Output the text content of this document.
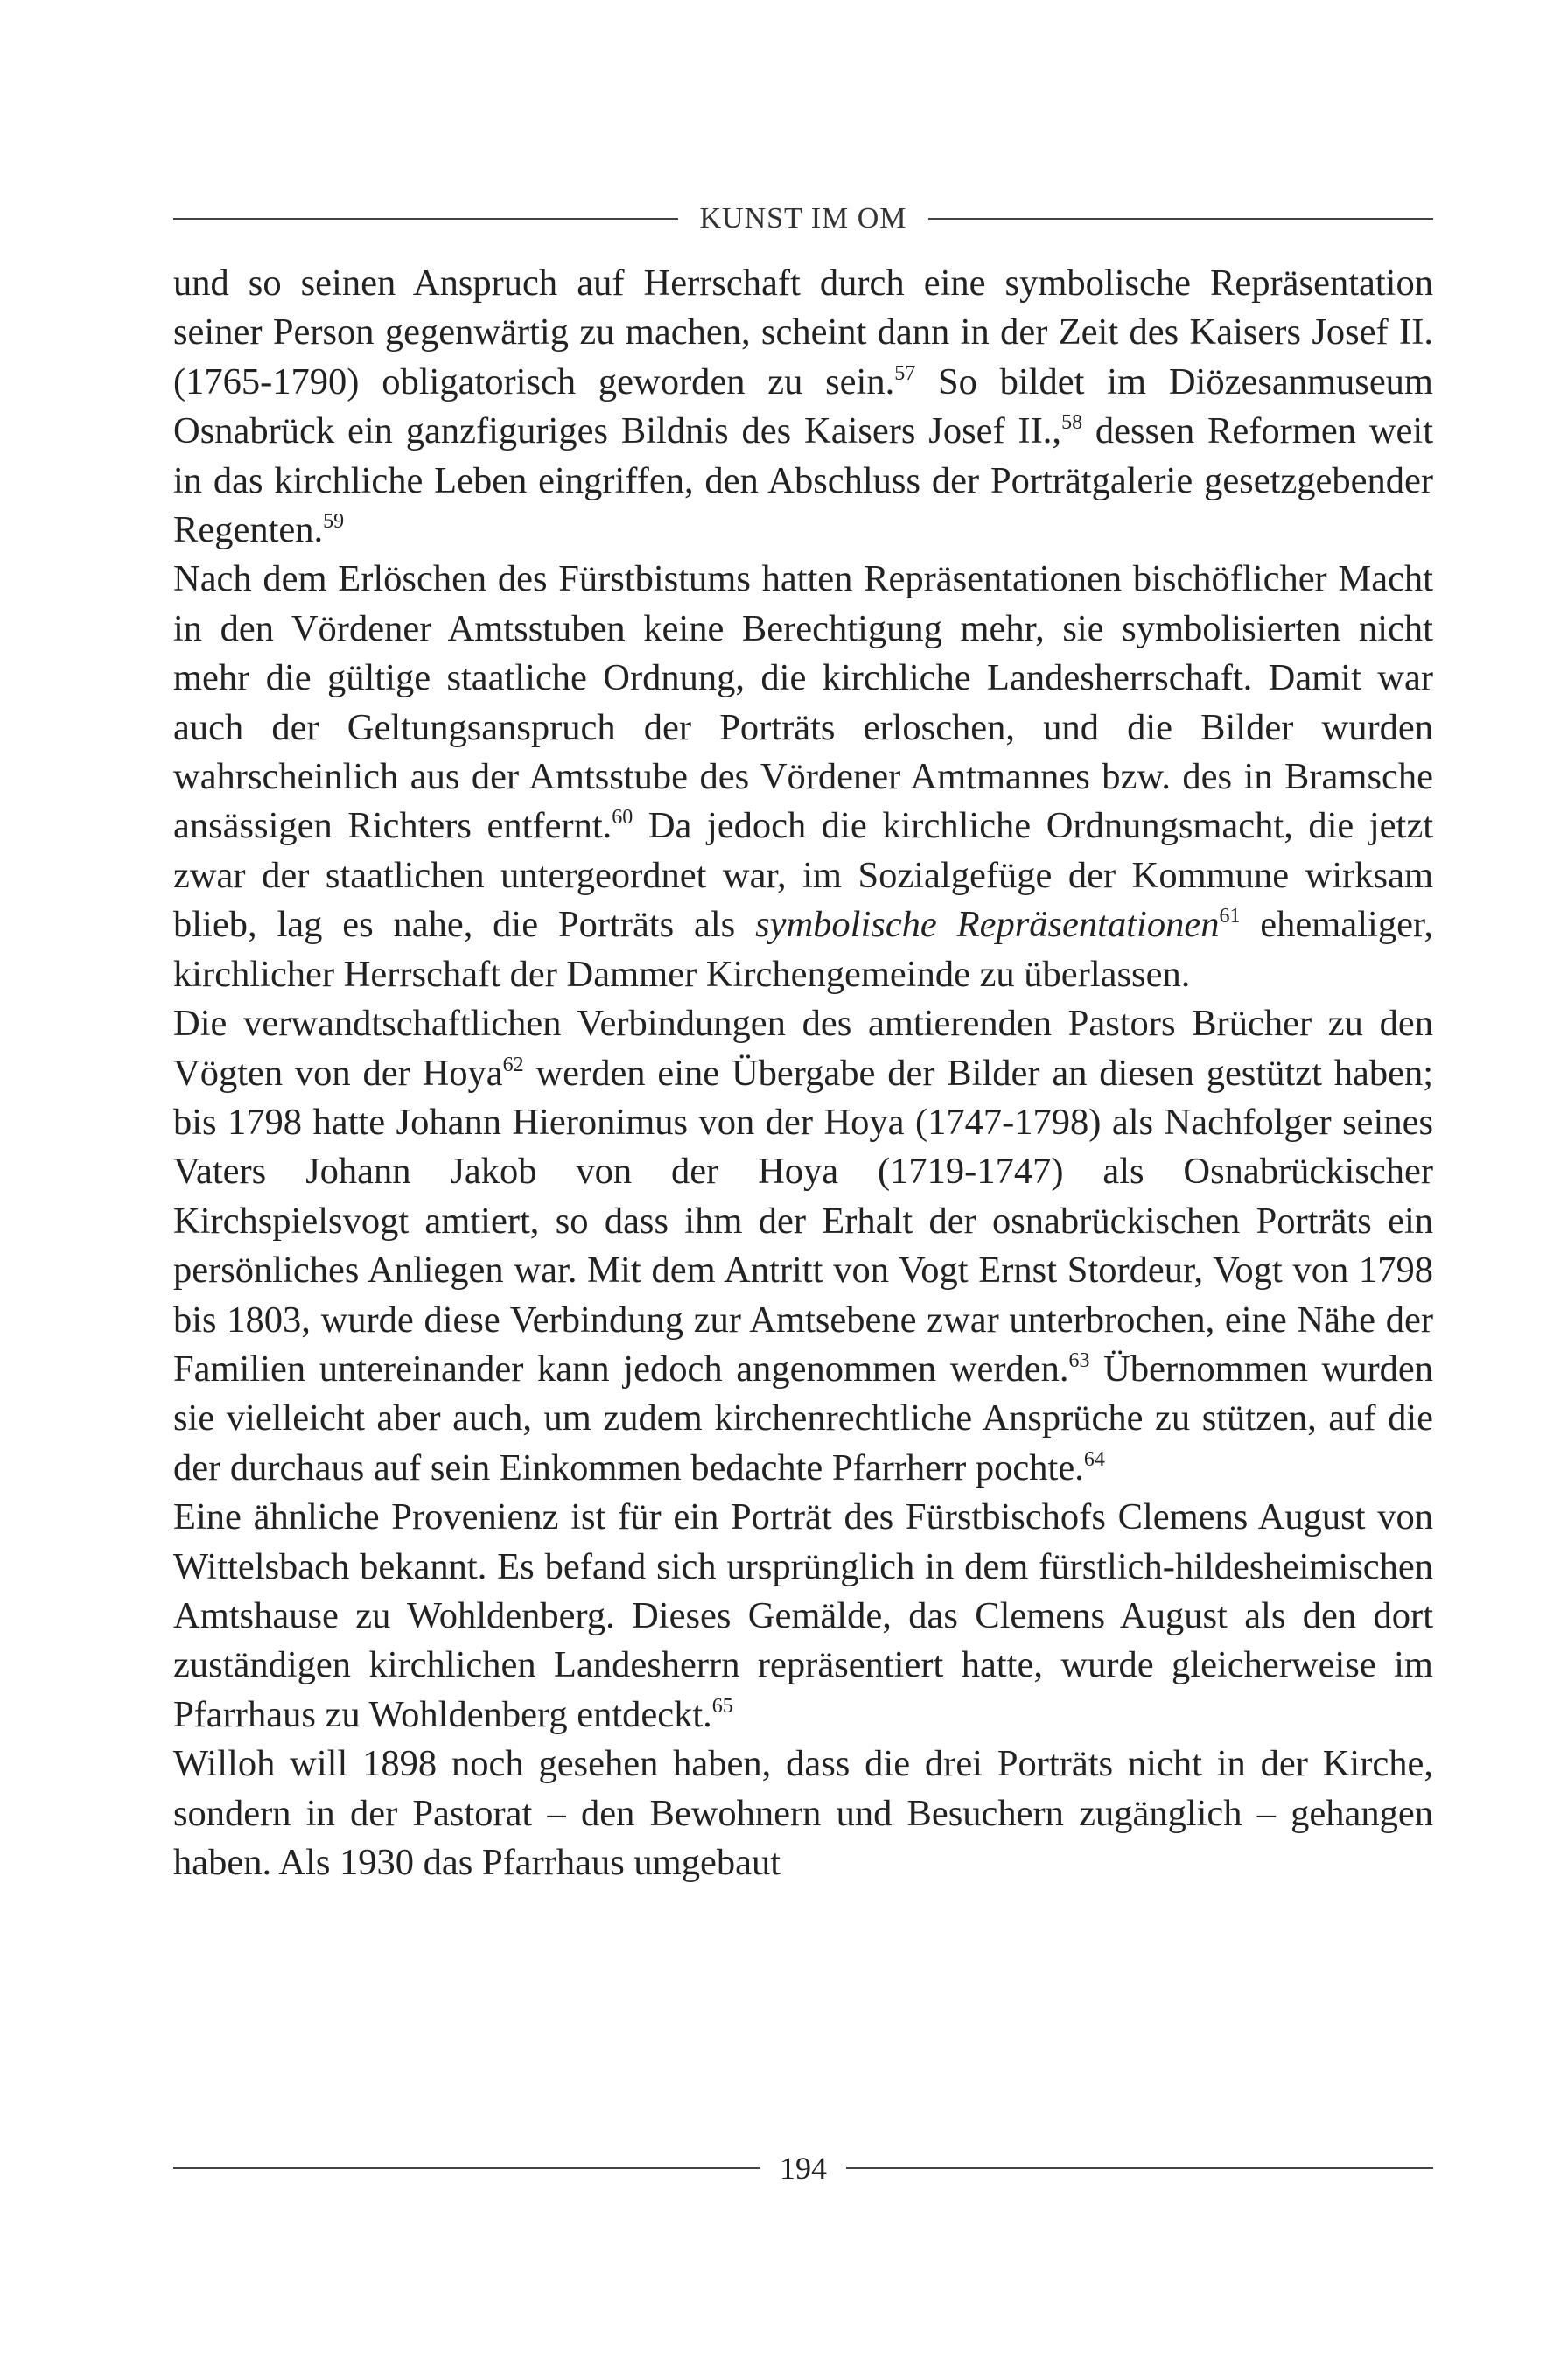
KUNST IM OM

und so seinen Anspruch auf Herrschaft durch eine symbolische Repräsentation seiner Person gegenwärtig zu machen, scheint dann in der Zeit des Kaisers Josef II. (1765-1790) obligatorisch geworden zu sein.$^{57}$ So bildet im Diözesanmuseum Osnabrück ein ganzfiguriges Bildnis des Kaisers Josef II.,$^{58}$ dessen Reformen weit in das kirchliche Leben eingriffen, den Abschluss der Porträtgalerie gesetzgebender Regenten.$^{59}$

Nach dem Erlöschen des Fürstbistums hatten Repräsentationen bischöflicher Macht in den Vördener Amtsstuben keine Berechtigung mehr, sie symbolisierten nicht mehr die gültige staatliche Ordnung, die kirchliche Landesherrschaft. Damit war auch der Geltungsanspruch der Porträts erloschen, und die Bilder wurden wahrscheinlich aus der Amtsstube des Vördener Amtmannes bzw. des in Bramsche ansässigen Richters entfernt.$^{60}$ Da jedoch die kirchliche Ordnungsmacht, die jetzt zwar der staatlichen untergeordnet war, im Sozialgefüge der Kommune wirksam blieb, lag es nahe, die Porträts als symbolische Repräsentationen$^{61}$ ehemaliger, kirchlicher Herrschaft der Dammer Kirchengemeinde zu überlassen.

Die verwandtschaftlichen Verbindungen des amtierenden Pastors Brücher zu den Vögten von der Hoya$^{62}$ werden eine Übergabe der Bilder an diesen gestützt haben; bis 1798 hatte Johann Hieronimus von der Hoya (1747-1798) als Nachfolger seines Vaters Johann Jakob von der Hoya (1719-1747) als Osnabrückischer Kirchspielsvogt amtiert, so dass ihm der Erhalt der osnabrückischen Porträts ein persönliches Anliegen war. Mit dem Antritt von Vogt Ernst Stordeur, Vogt von 1798 bis 1803, wurde diese Verbindung zur Amtsebene zwar unterbrochen, eine Nähe der Familien untereinander kann jedoch angenommen werden.$^{63}$ Übernommen wurden sie vielleicht aber auch, um zudem kirchenrechtliche Ansprüche zu stützen, auf die der durchaus auf sein Einkommen bedachte Pfarrherr pochte.$^{64}$

Eine ähnliche Provenienz ist für ein Porträt des Fürstbischofs Clemens August von Wittelsbach bekannt. Es befand sich ursprünglich in dem fürstlich-hildesheimischen Amtshause zu Wohldenberg. Dieses Gemälde, das Clemens August als den dort zuständigen kirchlichen Landesherrn repräsentiert hatte, wurde gleicherweise im Pfarrhaus zu Wohldenberg entdeckt.$^{65}$

Willoh will 1898 noch gesehen haben, dass die drei Porträts nicht in der Kirche, sondern in der Pastorat – den Bewohnern und Besuchern zugänglich – gehangen haben. Als 1930 das Pfarrhaus umgebaut

194
